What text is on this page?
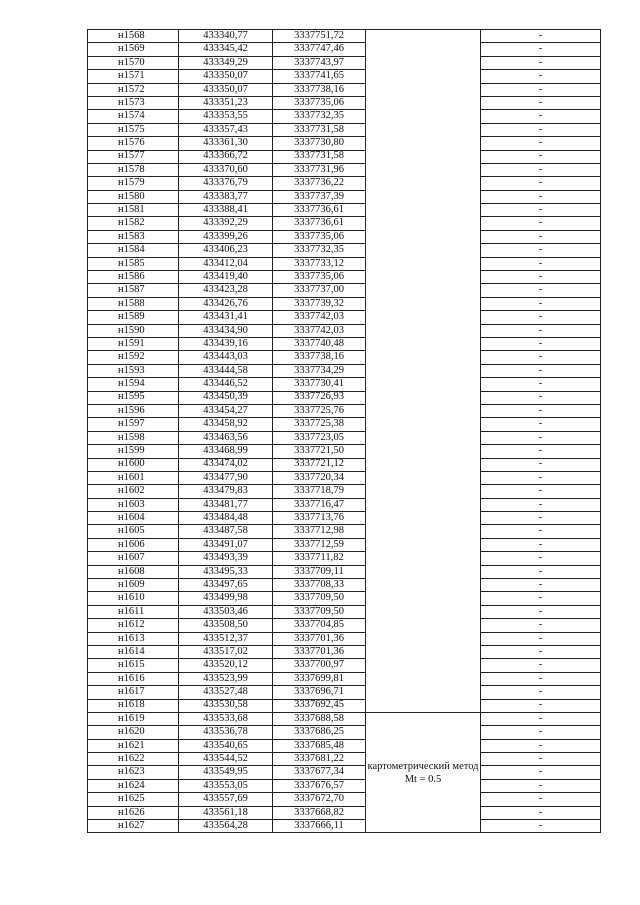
н1568	433340,77	3337751,72		-
н1569	433345,42	3337747,46		-
н1570	433349,29	3337743,97		-
н1571	433350,07	3337741,65		-
н1572	433350,07	3337738,16		-
н1573	433351,23	3337735,06		-
н1574	433353,55	3337732,35		-
н1575	433357,43	3337731,58		-
н1576	433361,30	3337730,80		-
н1577	433366,72	3337731,58		-
н1578	433370,60	3337731,96		-
н1579	433376,79	3337736,22		-
н1580	433383,77	3337737,39		-
н1581	433388,41	3337736,61		-
н1582	433392,29	3337736,61		-
н1583	433399,26	3337735,06		-
н1584	433406,23	3337732,35		-
н1585	433412,04	3337733,12		-
н1586	433419,40	3337735,06		-
н1587	433423,28	3337737,00		-
н1588	433426,76	3337739,32		-
н1589	433431,41	3337742,03		-
н1590	433434,90	3337742,03		-
н1591	433439,16	3337740,48		-
н1592	433443,03	3337738,16		-
н1593	433444,58	3337734,29		-
н1594	433446,52	3337730,41		-
н1595	433450,39	3337726,93		-
н1596	433454,27	3337725,76		-
н1597	433458,92	3337725,38		-
н1598	433463,56	3337723,05		-
н1599	433468,99	3337721,50		-
н1600	433474,02	3337721,12		-
н1601	433477,90	3337720,34		-
н1602	433479,83	3337718,79		-
н1603	433481,77	3337716,47		-
н1604	433484,48	3337713,76		-
н1605	433487,58	3337712,98		-
н1606	433491,07	3337712,59		-
н1607	433493,39	3337711,82		-
н1608	433495,33	3337709,11		-
н1609	433497,65	3337708,33		-
н1610	433499,98	3337709,50		-
н1611	433503,46	3337709,50		-
н1612	433508,50	3337704,85		-
н1613	433512,37	3337701,36		-
н1614	433517,02	3337701,36		-
н1615	433520,12	3337700,97		-
н1616	433523,99	3337699,81		-
н1617	433527,48	3337696,71		-
н1618	433530,58	3337692,45		-
н1619	433533,68	3337688,58	картометрический метод Mt = 0.5	-
н1620	433536,78	3337686,25		-
н1621	433540,65	3337685,48		-
н1622	433544,52	3337681,22		-
н1623	433549,95	3337677,34		-
н1624	433553,05	3337676,57		-
н1625	433557,69	3337672,70		-
н1626	433561,18	3337668,82		-
н1627	433564,28	3337666,11		-
